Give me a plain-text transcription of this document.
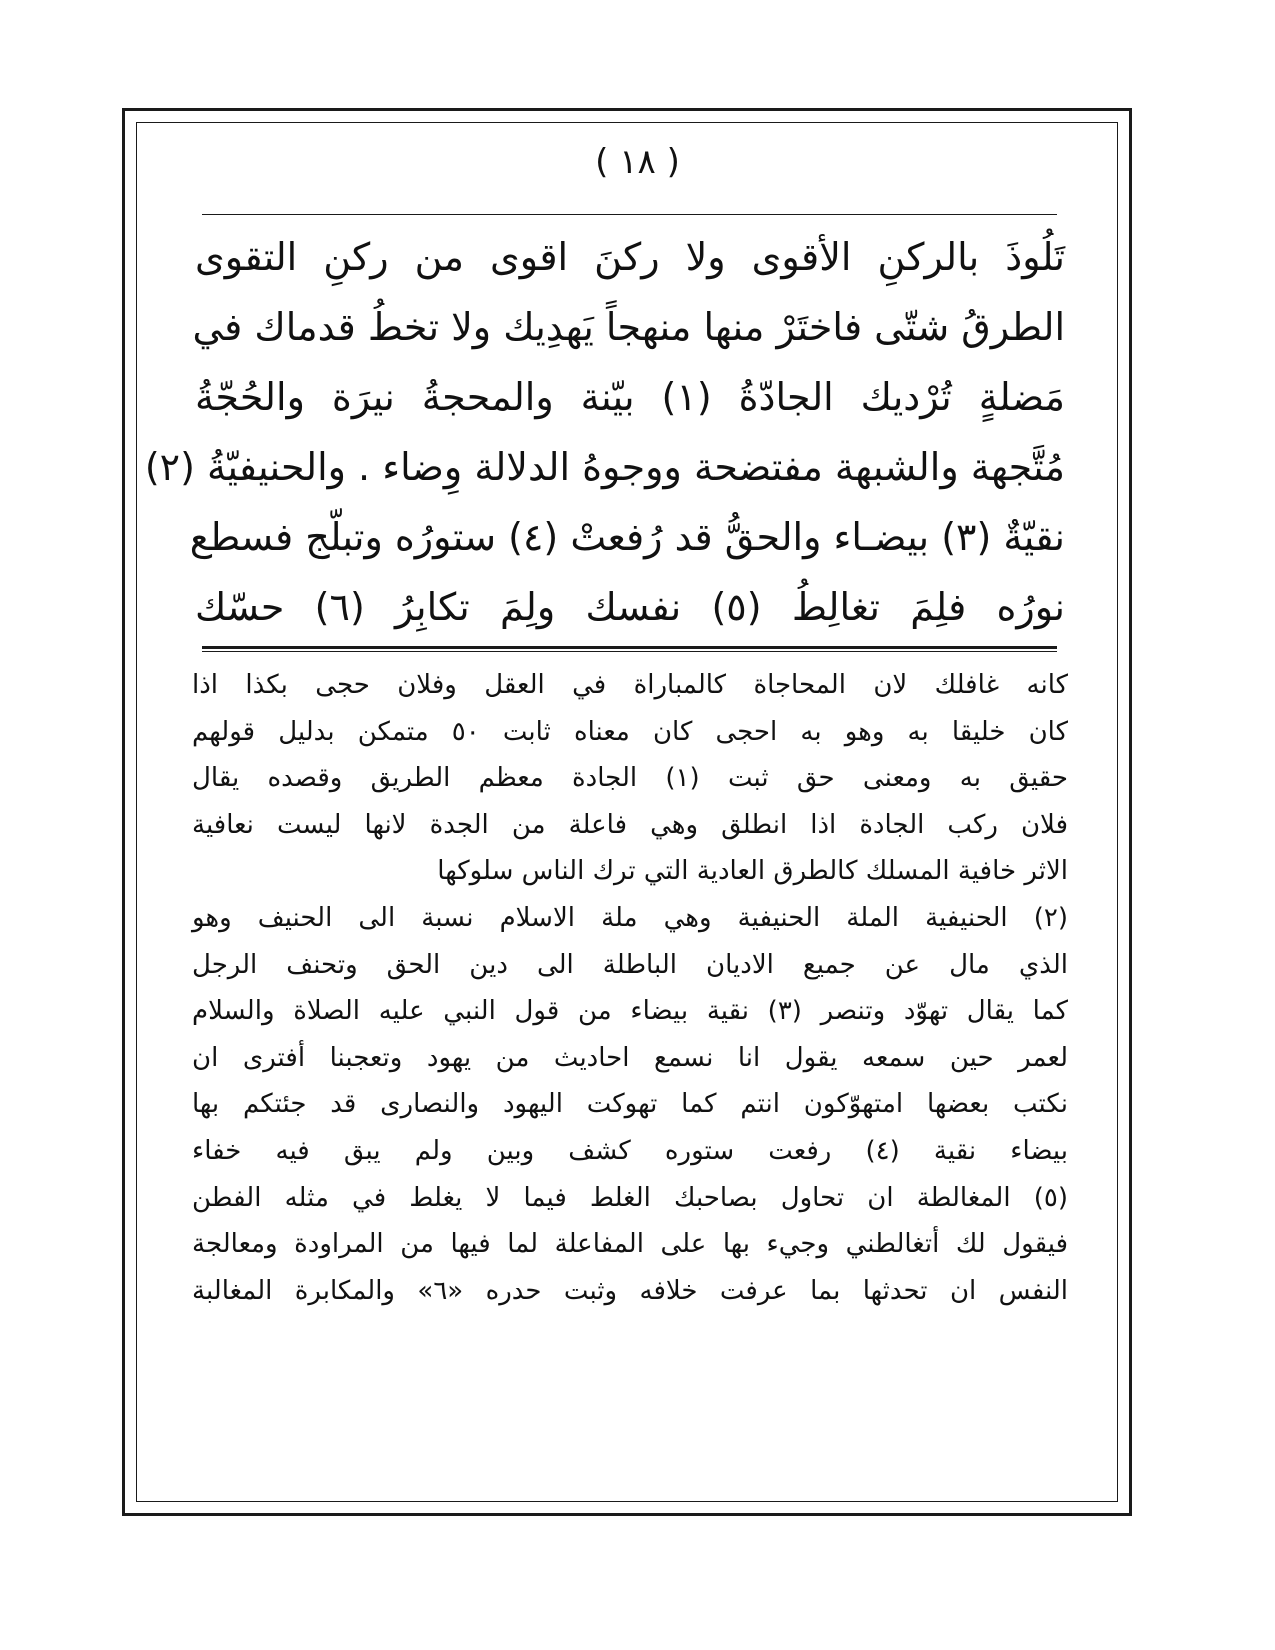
( ١٨ )
تَلُوذَ بالركنِ الأقوى ولا ركنَ اقوى من ركنِ التقوى
الطرقُ شتّى فاختَرْ منها منهجاً يَهدِيك ولا تخطُ قدماك في
مَضلةٍ تُرْديك الجادّةُ (١) بيّنة والمحجةُ نيرَة والحُجّةُ
مُتَّجهة والشبهة مفتضحة ووجوهُ الدلالة وِضاء . والحنيفيّةُ (٢)
نقيّةٌ (٣) بيضـاء والحقُّ قد رُفعتْ (٤) ستورُه وتبلّج فسطع
نورُه فلِمَ تغالِطُ (٥) نفسك ولِمَ تكابِرُ (٦) حسّك
كانه غافلك لان المحاجاة كالمباراة في العقل وفلان حجى بكذا اذا
كان خليقا به وهو به احجى كان معناه ثابت ٥٠ متمكن بدليل قولهم
حقيق به ومعنى حق ثبت (١) الجادة معظم الطريق وقصده يقال
فلان ركب الجادة اذا انطلق وهي فاعلة من الجدة لانها ليست نعافية
الاثر خافية المسلك كالطرق العادية التي ترك الناس سلوكها
(٢) الحنيفية الملة الحنيفية وهي ملة الاسلام نسبة الى الحنيف وهو
الذي مال عن جميع الاديان الباطلة الى دين الحق وتحنف الرجل
كما يقال تهوّد وتنصر (٣) نقية بيضاء من قول النبي عليه الصلاة والسلام
لعمر حين سمعه يقول انا نسمع احاديث من يهود وتعجبنا أفترى ان
نكتب بعضها امتهوّكون انتم كما تهوكت اليهود والنصارى قد جئتكم بها
بيضاء نقية (٤) رفعت ستوره كشف وبين ولم يبق فيه خفاء
(٥) المغالطة ان تحاول بصاحبك الغلط فيما لا يغلط في مثله الفطن
فيقول لك أتغالطني وجيء بها على المفاعلة لما فيها من المراودة ومعالجة
النفس ان تحدثها بما عرفت خلافه وثبت حدره «٦» والمكابرة المغالبة
